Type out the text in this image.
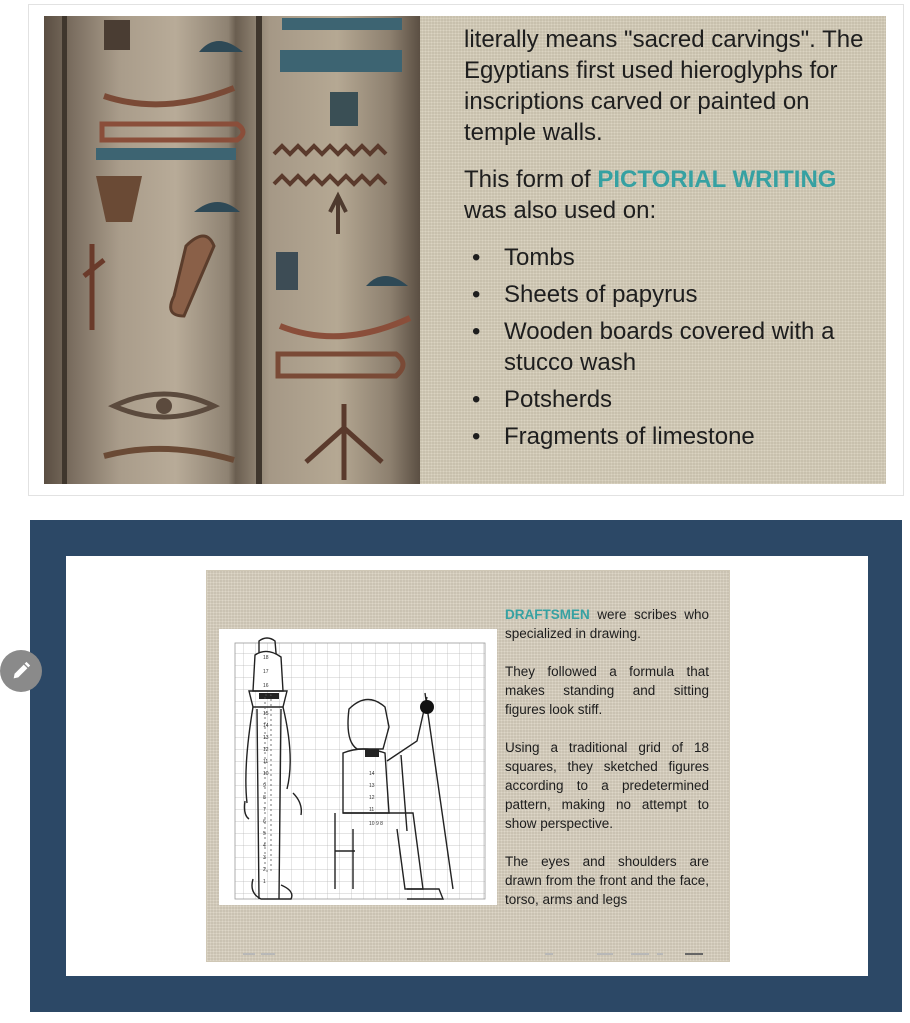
literally means "sacred carvings". The Egyptians first used hieroglyphs for inscriptions carved or painted on temple walls.

This form of PICTORIAL WRITING was also used on:

• Tombs
• Sheets of papyrus
• Wooden boards covered with a stucco wash
• Potsherds
• Fragments of limestone
18
17
16
15
14
13
12
11
10
9
8
7
6
5
4
3
2
1
14
13
12
11
10 9 8

DRAFTSMEN were scribes who specialized in drawing.

They followed a formula that makes standing and sitting figures look stiff.

Using a traditional grid of 18 squares, they sketched figures according to a predetermined pattern, making no attempt to show perspective.

The eyes and shoulders are drawn from the front and the face, torso, arms and legs
